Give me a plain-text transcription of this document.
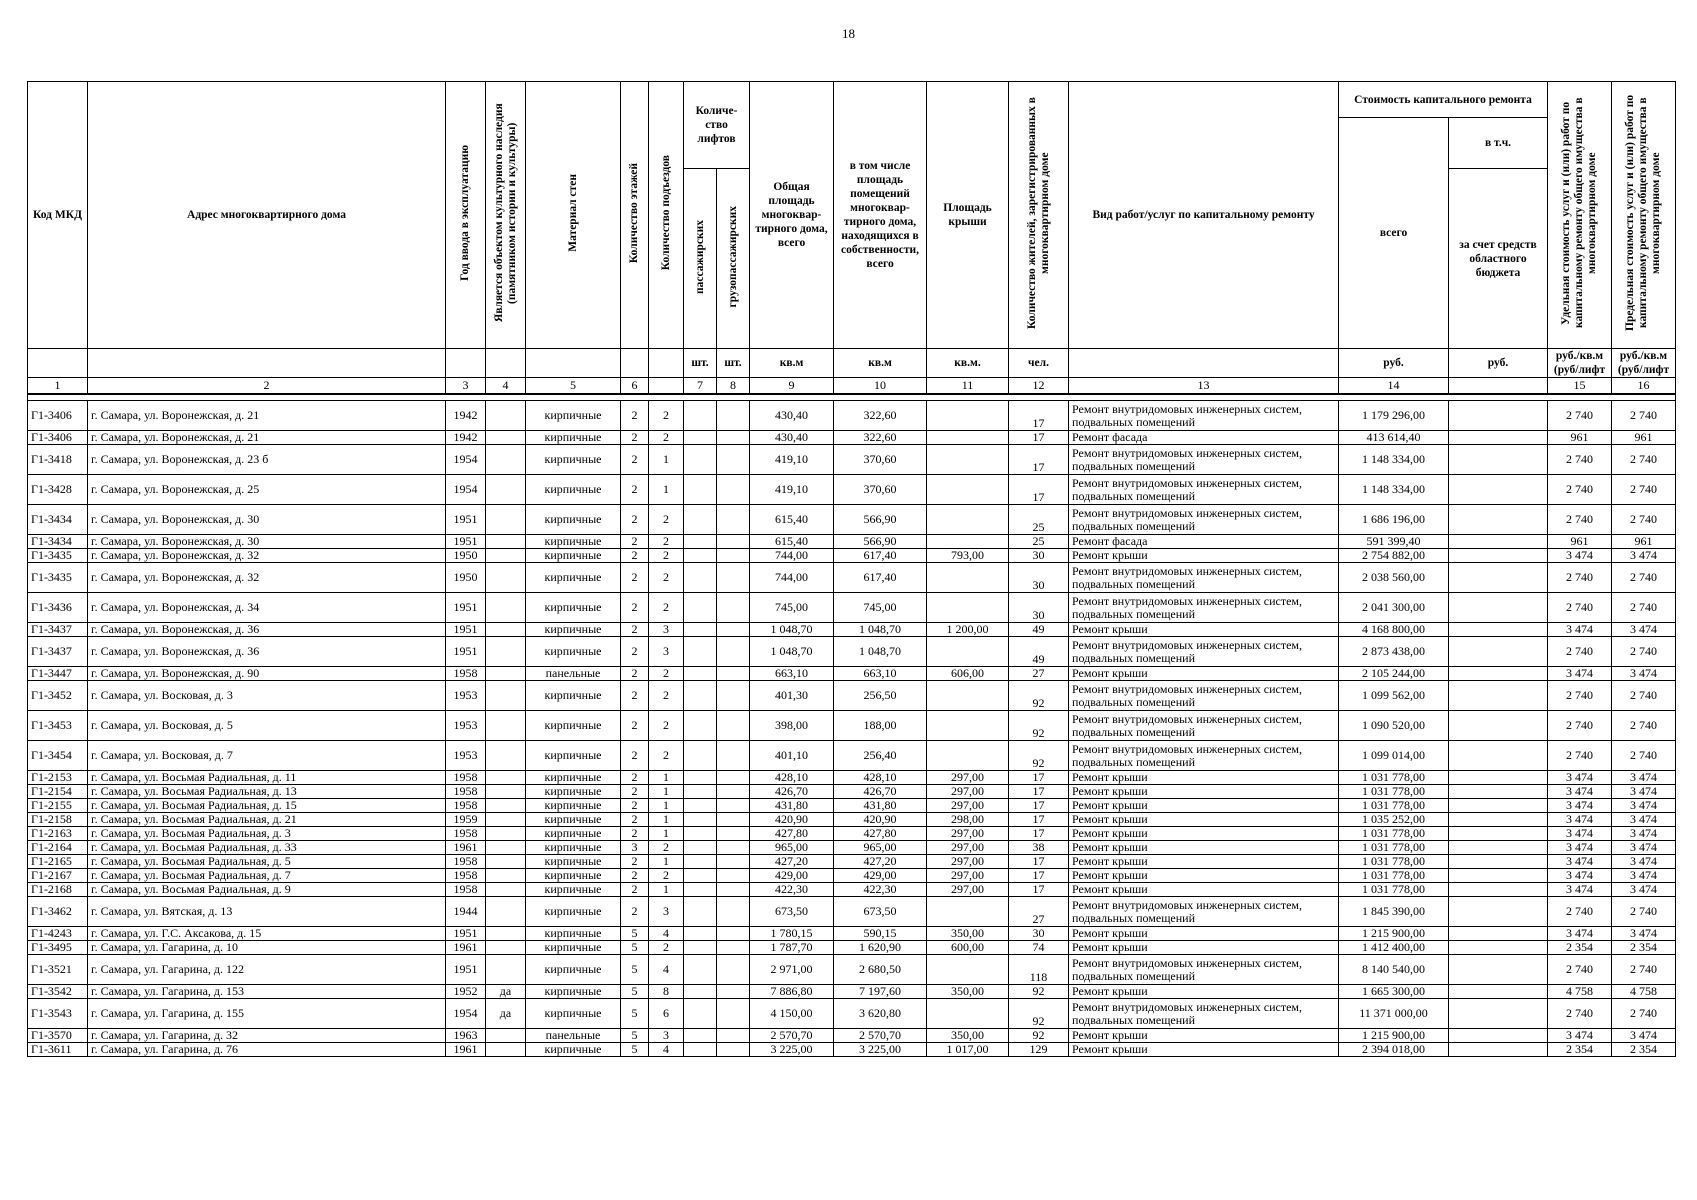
18
Код МКД	Адрес многоквартирного дома	Год ввода в эксплуатацию	Является объектом культурного наследия (памятником истории и культуры)	Материал стен	Количество этажей	Количество подъездов	Количе-ство лифтов		Общая площадь многоквар-тирного дома, всего	в том числе площадь помещений многоквар-тирного дома, находящихся в собственности, всего	Площадь крыши	Количество жителей, зарегистрированных в многоквартирном доме	Вид работ/услуг по капитальному ремонту	Стоимость капитального ремонта		Удельная стоимость услуг и (или) работ по капитальному ремонту общего имущества в многоквартирном доме	Предельная стоимость услуг и (или) работ по капитальному ремонту общего имущества в многоквартирном доме
														всего	в т.ч.		
							пассажирских	грузопассажирских							за счет средств областного бюджета		
							шт.	шт.	кв.м	кв.м	кв.м.	чел.		руб.	руб.	руб./кв.м (руб/лифт	руб./кв.м (руб/лифт
1	2	3	4	5	6		7	8	9	10	11	12	13	14		15	16

Г1-3406	г. Самара, ул. Воронежская, д. 21	1942		кирпичные	2	2			430,40	322,60		17	Ремонт внутридомовых инженерных систем, подвальных помещений	1 179 296,00		2 740	2 740
Г1-3406	г. Самара, ул. Воронежская, д. 21	1942		кирпичные	2	2			430,40	322,60		17	Ремонт фасада	413 614,40		961	961
Г1-3418	г. Самара, ул. Воронежская, д. 23 б	1954		кирпичные	2	1			419,10	370,60		17	Ремонт внутридомовых инженерных систем, подвальных помещений	1 148 334,00		2 740	2 740
Г1-3428	г. Самара, ул. Воронежская, д. 25	1954		кирпичные	2	1			419,10	370,60		17	Ремонт внутридомовых инженерных систем, подвальных помещений	1 148 334,00		2 740	2 740
Г1-3434	г. Самара, ул. Воронежская, д. 30	1951		кирпичные	2	2			615,40	566,90		25	Ремонт внутридомовых инженерных систем, подвальных помещений	1 686 196,00		2 740	2 740
Г1-3434	г. Самара, ул. Воронежская, д. 30	1951		кирпичные	2	2			615,40	566,90		25	Ремонт фасада	591 399,40		961	961
Г1-3435	г. Самара, ул. Воронежская, д. 32	1950		кирпичные	2	2			744,00	617,40	793,00	30	Ремонт крыши	2 754 882,00		3 474	3 474
Г1-3435	г. Самара, ул. Воронежская, д. 32	1950		кирпичные	2	2			744,00	617,40		30	Ремонт внутридомовых инженерных систем, подвальных помещений	2 038 560,00		2 740	2 740
Г1-3436	г. Самара, ул. Воронежская, д. 34	1951		кирпичные	2	2			745,00	745,00		30	Ремонт внутридомовых инженерных систем, подвальных помещений	2 041 300,00		2 740	2 740
Г1-3437	г. Самара, ул. Воронежская, д. 36	1951		кирпичные	2	3			1 048,70	1 048,70	1 200,00	49	Ремонт крыши	4 168 800,00		3 474	3 474
Г1-3437	г. Самара, ул. Воронежская, д. 36	1951		кирпичные	2	3			1 048,70	1 048,70		49	Ремонт внутридомовых инженерных систем, подвальных помещений	2 873 438,00		2 740	2 740
Г1-3447	г. Самара, ул. Воронежская, д. 90	1958		панельные	2	2			663,10	663,10	606,00	27	Ремонт крыши	2 105 244,00		3 474	3 474
Г1-3452	г. Самара, ул. Восковая, д. 3	1953		кирпичные	2	2			401,30	256,50		92	Ремонт внутридомовых инженерных систем, подвальных помещений	1 099 562,00		2 740	2 740
Г1-3453	г. Самара, ул. Восковая, д. 5	1953		кирпичные	2	2			398,00	188,00		92	Ремонт внутридомовых инженерных систем, подвальных помещений	1 090 520,00		2 740	2 740
Г1-3454	г. Самара, ул. Восковая, д. 7	1953		кирпичные	2	2			401,10	256,40		92	Ремонт внутридомовых инженерных систем, подвальных помещений	1 099 014,00		2 740	2 740
Г1-2153	г. Самара, ул. Восьмая Радиальная, д. 11	1958		кирпичные	2	1			428,10	428,10	297,00	17	Ремонт крыши	1 031 778,00		3 474	3 474
Г1-2154	г. Самара, ул. Восьмая Радиальная, д. 13	1958		кирпичные	2	1			426,70	426,70	297,00	17	Ремонт крыши	1 031 778,00		3 474	3 474
Г1-2155	г. Самара, ул. Восьмая Радиальная, д. 15	1958		кирпичные	2	1			431,80	431,80	297,00	17	Ремонт крыши	1 031 778,00		3 474	3 474
Г1-2158	г. Самара, ул. Восьмая Радиальная, д. 21	1959		кирпичные	2	1			420,90	420,90	298,00	17	Ремонт крыши	1 035 252,00		3 474	3 474
Г1-2163	г. Самара, ул. Восьмая Радиальная, д. 3	1958		кирпичные	2	1			427,80	427,80	297,00	17	Ремонт крыши	1 031 778,00		3 474	3 474
Г1-2164	г. Самара, ул. Восьмая Радиальная, д. 33	1961		кирпичные	3	2			965,00	965,00	297,00	38	Ремонт крыши	1 031 778,00		3 474	3 474
Г1-2165	г. Самара, ул. Восьмая Радиальная, д. 5	1958		кирпичные	2	1			427,20	427,20	297,00	17	Ремонт крыши	1 031 778,00		3 474	3 474
Г1-2167	г. Самара, ул. Восьмая Радиальная, д. 7	1958		кирпичные	2	2			429,00	429,00	297,00	17	Ремонт крыши	1 031 778,00		3 474	3 474
Г1-2168	г. Самара, ул. Восьмая Радиальная, д. 9	1958		кирпичные	2	1			422,30	422,30	297,00	17	Ремонт крыши	1 031 778,00		3 474	3 474
Г1-3462	г. Самара, ул. Вятская, д. 13	1944		кирпичные	2	3			673,50	673,50		27	Ремонт внутридомовых инженерных систем, подвальных помещений	1 845 390,00		2 740	2 740
Г1-4243	г. Самара, ул. Г.С. Аксакова, д. 15	1951		кирпичные	5	4			1 780,15	590,15	350,00	30	Ремонт крыши	1 215 900,00		3 474	3 474
Г1-3495	г. Самара, ул. Гагарина, д. 10	1961		кирпичные	5	2			1 787,70	1 620,90	600,00	74	Ремонт крыши	1 412 400,00		2 354	2 354
Г1-3521	г. Самара, ул. Гагарина, д. 122	1951		кирпичные	5	4			2 971,00	2 680,50		118	Ремонт внутридомовых инженерных систем, подвальных помещений	8 140 540,00		2 740	2 740
Г1-3542	г. Самара, ул. Гагарина, д. 153	1952	да	кирпичные	5	8			7 886,80	7 197,60	350,00	92	Ремонт крыши	1 665 300,00		4 758	4 758
Г1-3543	г. Самара, ул. Гагарина, д. 155	1954	да	кирпичные	5	6			4 150,00	3 620,80		92	Ремонт внутридомовых инженерных систем, подвальных помещений	11 371 000,00		2 740	2 740
Г1-3570	г. Самара, ул. Гагарина, д. 32	1963		панельные	5	3			2 570,70	2 570,70	350,00	92	Ремонт крыши	1 215 900,00		3 474	3 474
Г1-3611	г. Самара, ул. Гагарина, д. 76	1961		кирпичные	5	4			3 225,00	3 225,00	1 017,00	129	Ремонт крыши	2 394 018,00		2 354	2 354
